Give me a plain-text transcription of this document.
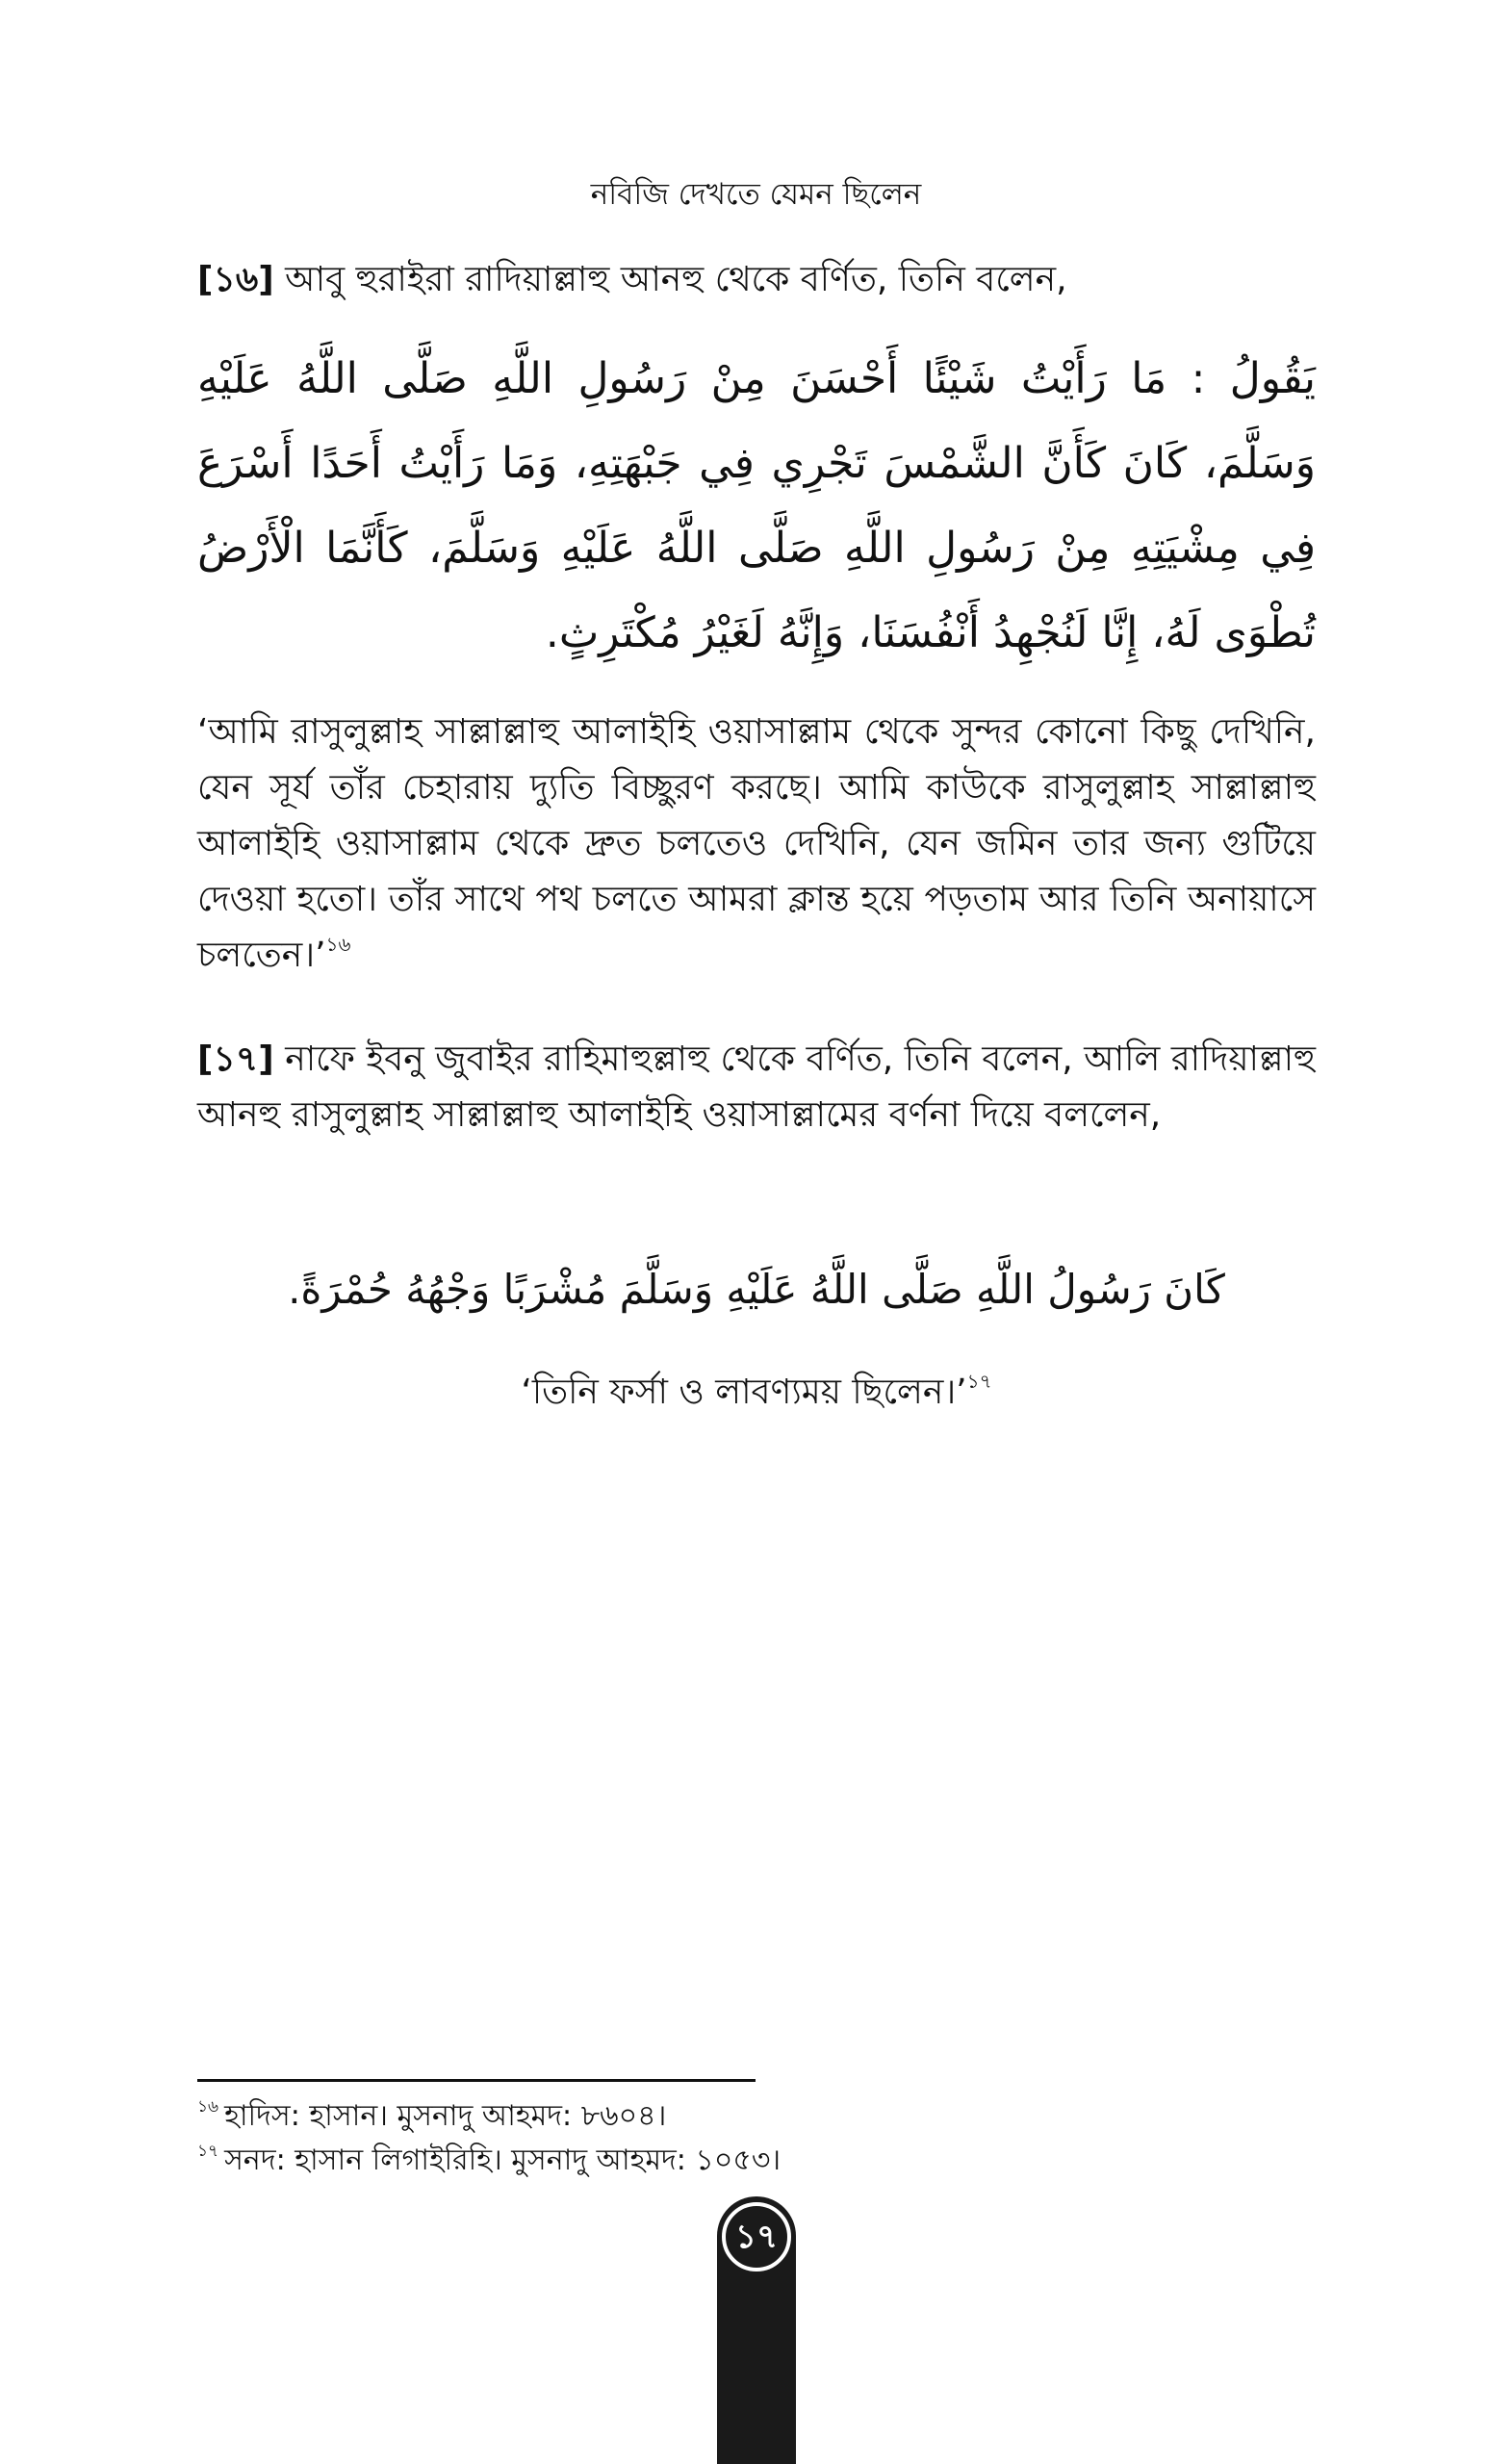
নবিজি দেখতে যেমন ছিলেন

[১৬] আবু হুরাইরা রাদিয়াল্লাহু আনহু থেকে বর্ণিত, তিনি বলেন,

يَقُولُ : مَا رَأَيْتُ شَيْئًا أَحْسَنَ مِنْ رَسُولِ اللَّهِ صَلَّى اللَّهُ عَلَيْهِ وَسَلَّمَ، كَانَ كَأَنَّ الشَّمْسَ تَجْرِي فِي جَبْهَتِهِ، وَمَا رَأَيْتُ أَحَدًا أَسْرَعَ فِي مِشْيَتِهِ مِنْ رَسُولِ اللَّهِ صَلَّى اللَّهُ عَلَيْهِ وَسَلَّمَ، كَأَنَّمَا الْأَرْضُ تُطْوَى لَهُ، إِنَّا لَنُجْهِدُ أَنْفُسَنَا، وَإِنَّهُ لَغَيْرُ مُكْتَرِثٍ.

‘আমি রাসুলুল্লাহ সাল্লাল্লাহু আলাইহি ওয়াসাল্লাম থেকে সুন্দর কোনো কিছু দেখিনি, যেন সূর্য তাঁর চেহারায় দ্যুতি বিচ্ছুরণ করছে। আমি কাউকে রাসুলুল্লাহ সাল্লাল্লাহু আলাইহি ওয়াসাল্লাম থেকে দ্রুত চলতেও দেখিনি, যেন জমিন তার জন্য গুটিয়ে দেওয়া হতো। তাঁর সাথে পথ চলতে আমরা ক্লান্ত হয়ে পড়তাম আর তিনি অনায়াসে চলতেন।’$^{১৬}$

[১৭] নাফে ইবনু জুবাইর রাহিমাহুল্লাহু থেকে বর্ণিত, তিনি বলেন, আলি রাদিয়াল্লাহু আনহু রাসুলুল্লাহ সাল্লাল্লাহু আলাইহি ওয়াসাল্লামের বর্ণনা দিয়ে বললেন,

كَانَ رَسُولُ اللَّهِ صَلَّى اللَّهُ عَلَيْهِ وَسَلَّمَ مُشْرَبًا وَجْهُهُ حُمْرَةً.

‘তিনি ফর্সা ও লাবণ্যময় ছিলেন।’$^{১৭}$

$^{১৬}$ হাদিস: হাসান। মুসনাদু আহমদ: ৮৬০৪।

$^{১৭}$ সনদ: হাসান লিগাইরিহি। মুসনাদু আহমদ: ১০৫৩।

১৭
